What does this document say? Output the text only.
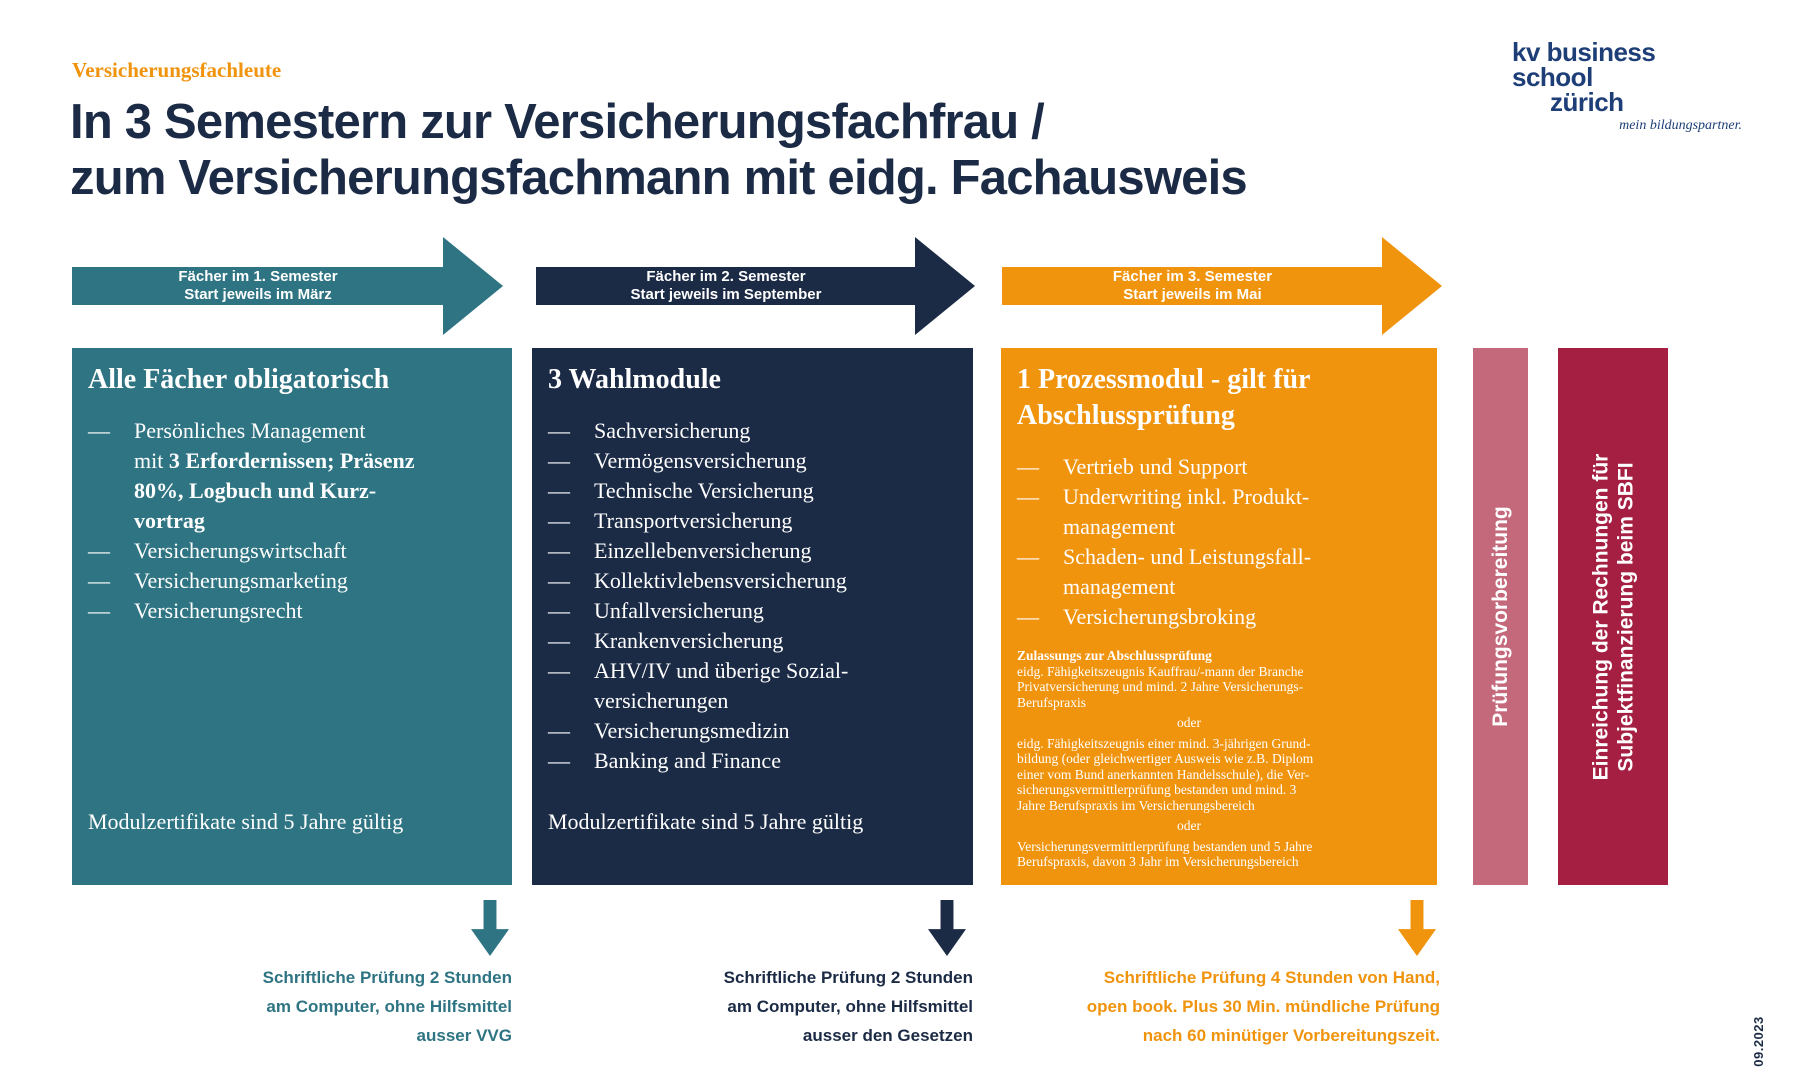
Versicherungsfachleute
In 3 Semestern zur Versicherungsfachfrau /
zum Versicherungsfachmann mit eidg. Fachausweis
kv business school
zürich
mein bildungspartner.
Fächer im 1. Semester
Start jeweils im März
Fächer im 2. Semester
Start jeweils im September
Fächer im 3. Semester
Start jeweils im Mai
Alle Fächer obligatorisch
— Persönliches Management
mit 3 Erfordernissen; Präsenz
80%, Logbuch und Kurz-
vortrag
— Versicherungswirtschaft
— Versicherungsmarketing
— Versicherungsrecht
Modulzertifikate sind 5 Jahre gültig
3 Wahlmodule
— Sachversicherung
— Vermögensversicherung
— Technische Versicherung
— Transportversicherung
— Einzellebenversicherung
— Kollektivlebensversicherung
— Unfallversicherung
— Krankenversicherung
— AHV/IV und überige Sozial-
versicherungen
— Versicherungsmedizin
— Banking and Finance
Modulzertifikate sind 5 Jahre gültig
1 Prozessmodul - gilt für
Abschlussprüfung
— Vertrieb und Support
— Underwriting inkl. Produkt-
management
— Schaden- und Leistungsfall-
management
— Versicherungsbroking
Zulassungs zur Abschlussprüfung

eidg. Fähigkeitszeugnis Kauffrau/-mann der Branche
Privatversicherung und mind. 2 Jahre Versicherungs-
Berufspraxis

oder

eidg. Fähigkeitszeugnis einer mind. 3-jährigen Grund-
bildung (oder gleichwertiger Ausweis wie z.B. Diplom
einer vom Bund anerkannten Handelsschule), die Ver-
sicherungsvermittlerprüfung bestanden und mind. 3
Jahre Berufspraxis im Versicherungsbereich

oder

Versicherungsvermittlerprüfung bestanden und 5 Jahre
Berufspraxis, davon 3 Jahr im Versicherungsbereich

Prüfungsvorbereitung	Einreichung der Rechnungen für
Subjektfinanzierung beim SBFI
Schriftliche Prüfung 2 Stunden
am Computer, ohne Hilfsmittel
ausser VVG
Schriftliche Prüfung 2 Stunden
am Computer, ohne Hilfsmittel
ausser den Gesetzen
Schriftliche Prüfung 4 Stunden von Hand,
open book. Plus 30 Min. mündliche Prüfung
nach 60 minütiger Vorbereitungszeit.	09.2023
